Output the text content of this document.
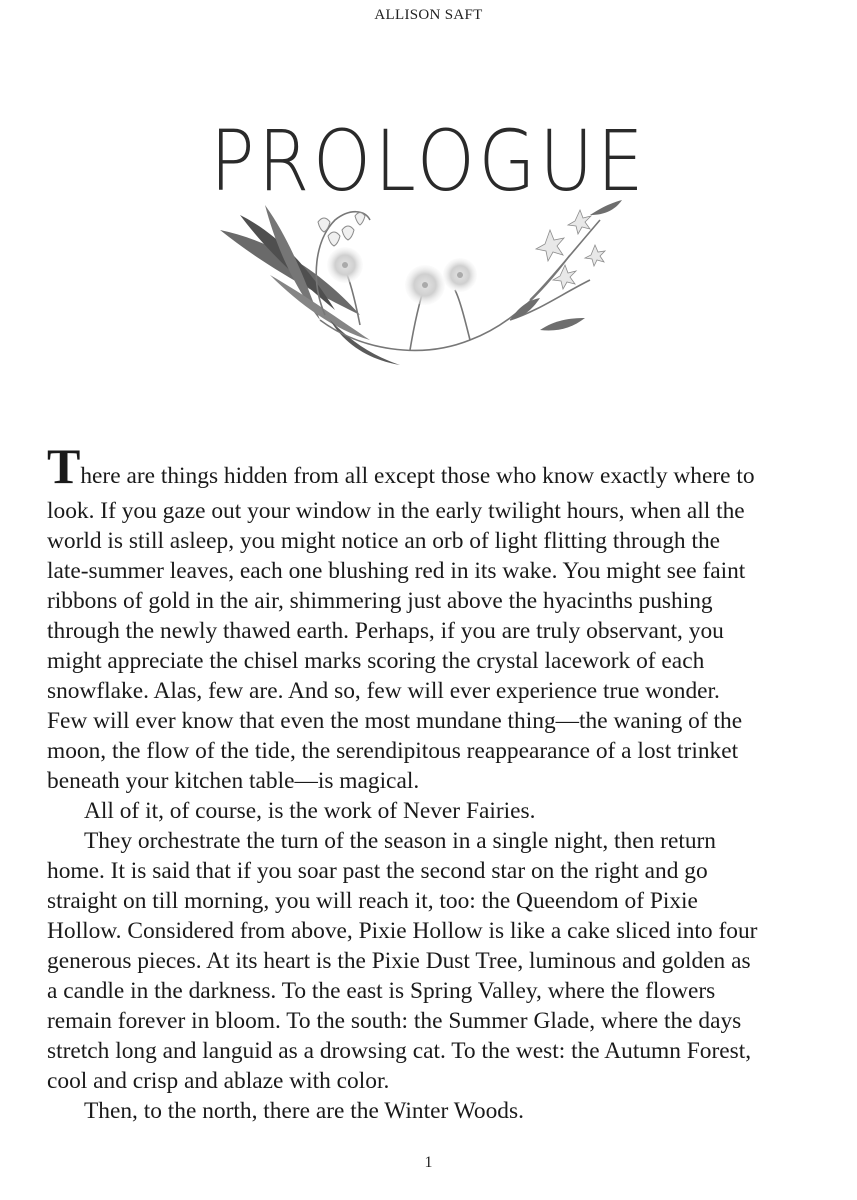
ALLISON SAFT
PROLOGUE

There are things hidden from all except those who know exactly where to
look. If you gaze out your window in the early twilight hours, when all the
world is still asleep, you might notice an orb of light flitting through the
late-summer leaves, each one blushing red in its wake. You might see faint
ribbons of gold in the air, shimmering just above the hyacinths pushing
through the newly thawed earth. Perhaps, if you are truly observant, you
might appreciate the chisel marks scoring the crystal lacework of each
snowflake. Alas, few are. And so, few will ever experience true wonder.
Few will ever know that even the most mundane thing—the waning of the
moon, the flow of the tide, the serendipitous reappearance of a lost trinket
beneath your kitchen table—is magical.

All of it, of course, is the work of Never Fairies.

They orchestrate the turn of the season in a single night, then return
home. It is said that if you soar past the second star on the right and go
straight on till morning, you will reach it, too: the Queendom of Pixie
Hollow. Considered from above, Pixie Hollow is like a cake sliced into four
generous pieces. At its heart is the Pixie Dust Tree, luminous and golden as
a candle in the darkness. To the east is Spring Valley, where the flowers
remain forever in bloom. To the south: the Summer Glade, where the days
stretch long and languid as a drowsing cat. To the west: the Autumn Forest,
cool and crisp and ablaze with color.

Then, to the north, there are the Winter Woods.

1
